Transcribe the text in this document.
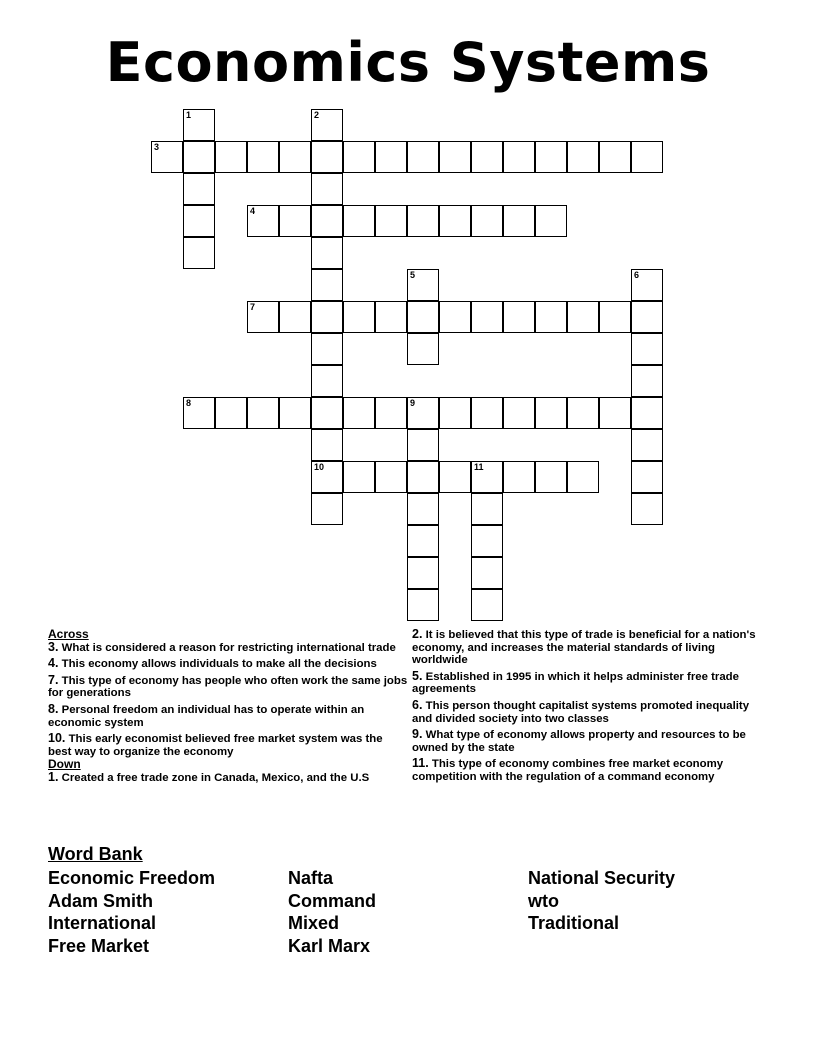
Economics Systems
1	2
10
3
4
5	6
7
8	9
11
Across
3. What is considered a reason for restricting international trade
4. This economy allows individuals to make all the decisions
7. This type of economy has people who often work the same jobs for generations
8. Personal freedom an individual has to operate within an economic system
10. This early economist believed free market system was the best way to organize the economy
Down
1. Created a free trade zone in Canada, Mexico, and the U.S
2. It is believed that this type of trade is beneficial for a nation's economy, and increases the material standards of living worldwide
5. Established in 1995 in which it helps administer free trade agreements
6. This person thought capitalist systems promoted inequality and divided society into two classes
9. What type of economy allows property and resources to be owned by the state
11. This type of economy combines free market economy competition with the regulation of a command economy
Word Bank
Economic Freedom
Adam Smith
International
Free Market
Nafta
Command
Mixed
Karl Marx
National Security
wto
Traditional
